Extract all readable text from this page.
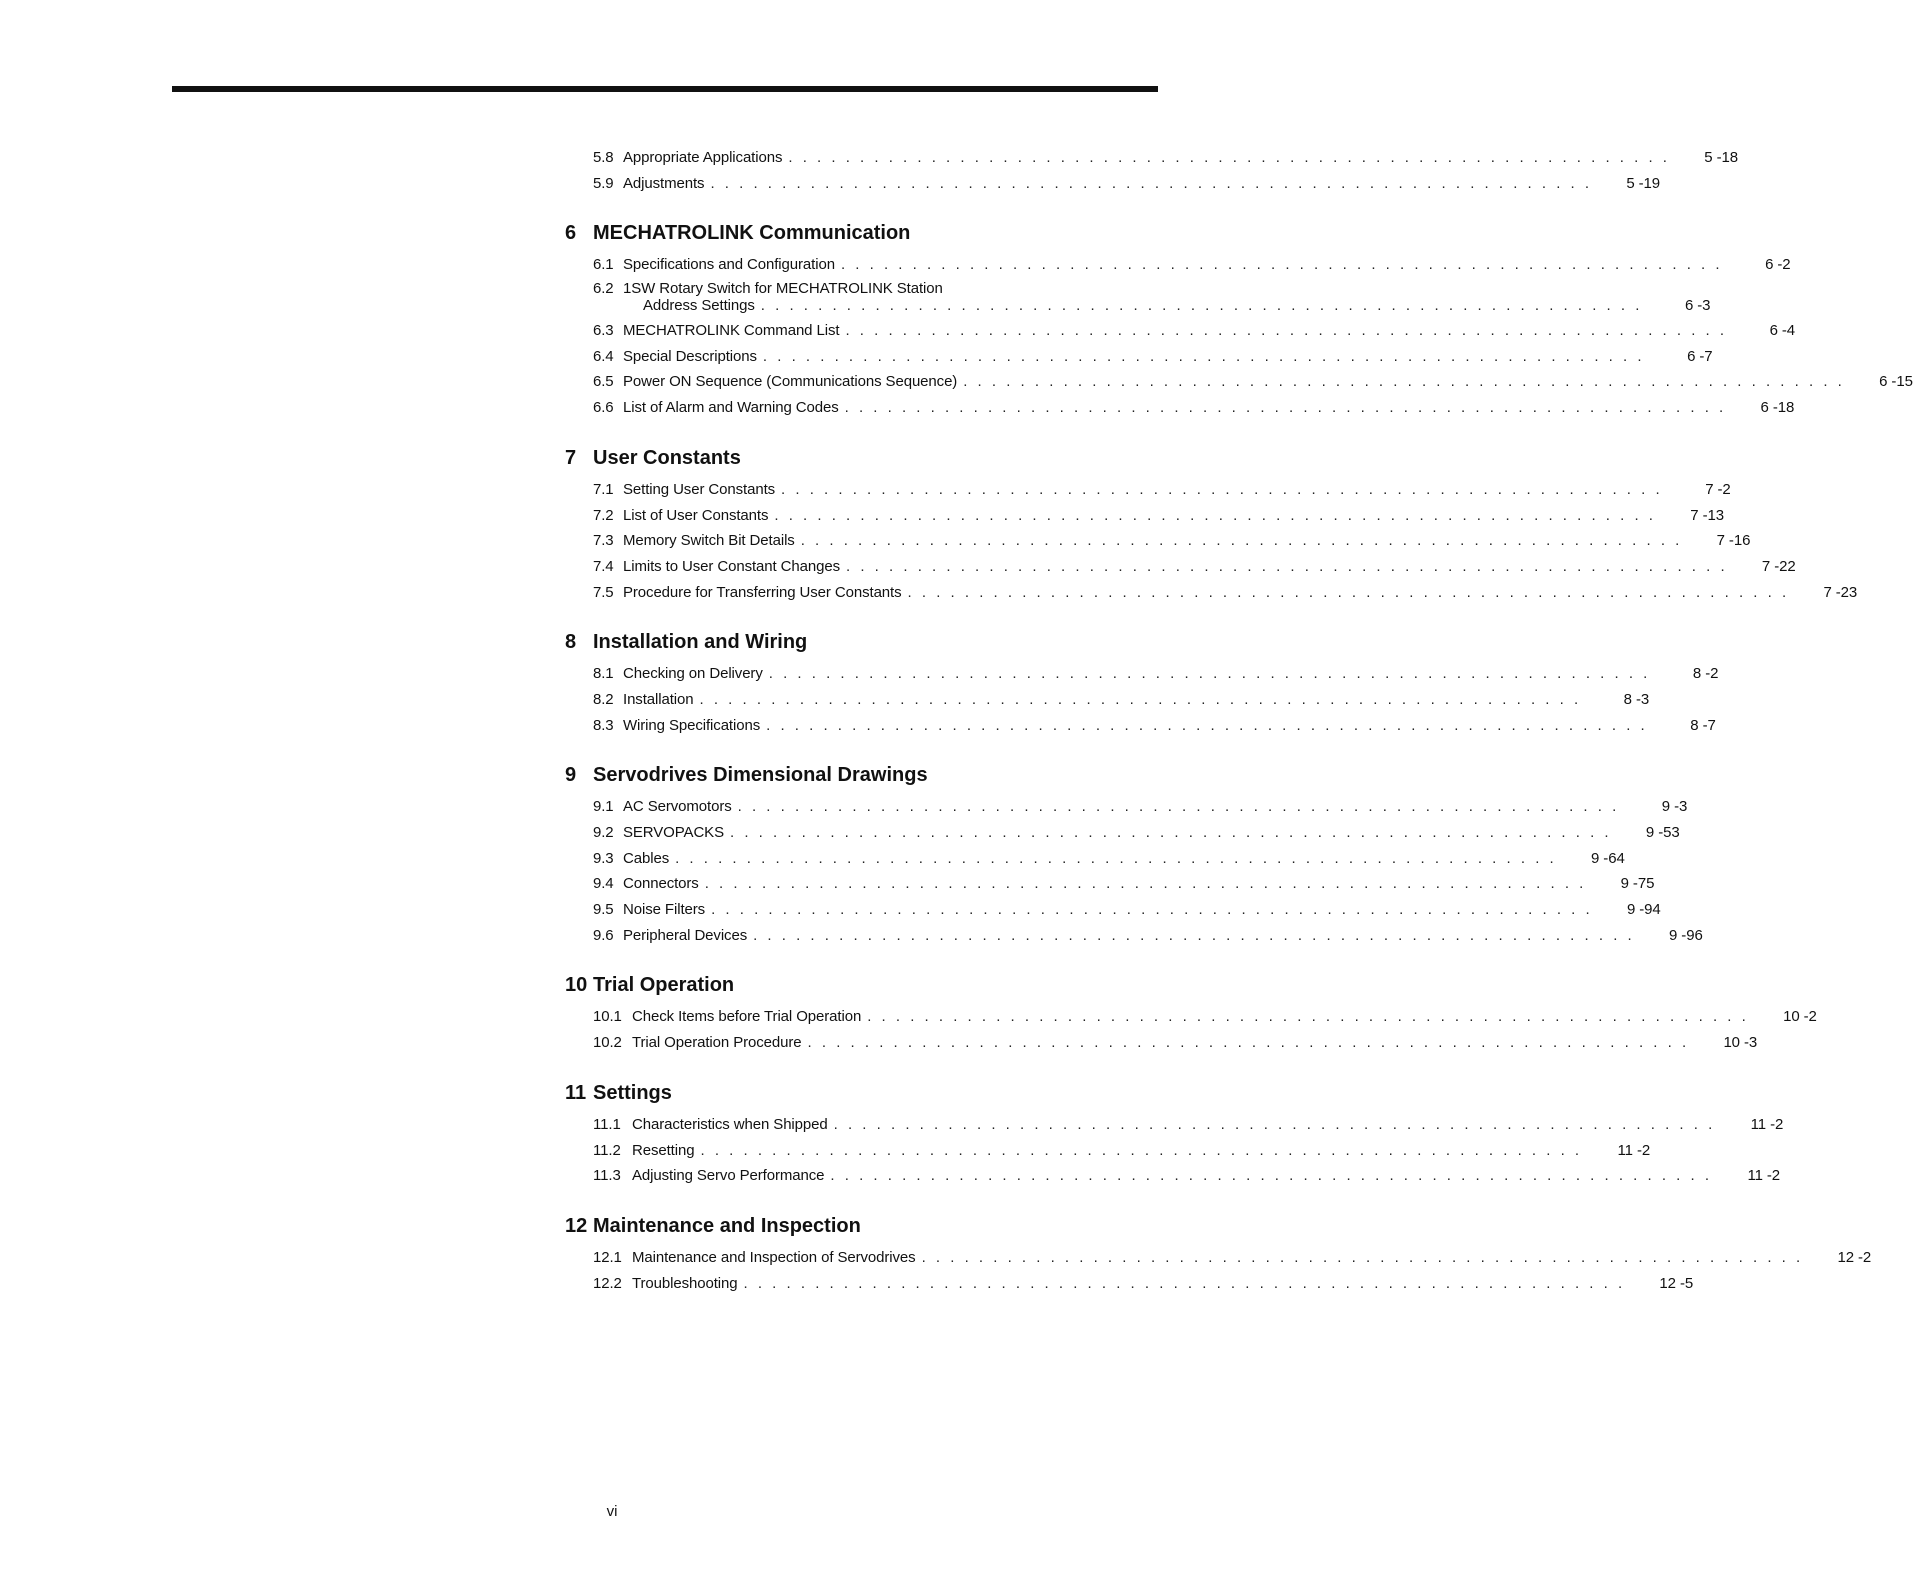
5.8 Appropriate Applications . . . . . . . . . . . . . . . . . . . . . . . . . . . . . . . . . . . . . . . . . . . . . . . . . . . . . . . . . . . . . .	5 -18
5.9 Adjustments . . . . . . . . . . . . . . . . . . . . . . . . . . . . . . . . . . . . . . . . . . . . . . . . . . . . . . . . . . . . . .	5 -19
6 MECHATROLINK Communication
6.1 Specifications and Configuration . . . . . . . . . . . . . . . . . . . . . . . . . . . . . . . . . . . . . . . . . . . . . . . . . . . . . . . . . . . . . .	6 -2
6.2 1SW Rotary Switch for MECHATROLINK Station
Address Settings . . . . . . . . . . . . . . . . . . . . . . . . . . . . . . . . . . . . . . . . . . . . . . . . . . . . . . . . . . . . . .	6 -3
6.3 MECHATROLINK Command List . . . . . . . . . . . . . . . . . . . . . . . . . . . . . . . . . . . . . . . . . . . . . . . . . . . . . . . . . . . . . .	6 -4
6.4 Special Descriptions . . . . . . . . . . . . . . . . . . . . . . . . . . . . . . . . . . . . . . . . . . . . . . . . . . . . . . . . . . . . . .	6 -7
6.5 Power ON Sequence (Communications Sequence) . . . . . . . . . . . . . . . . . . . . . . . . . . . . . . . . . . . . . . . . . . . . . . . . . . . . . . . . . . . . . .	6 -15
6.6 List of Alarm and Warning Codes . . . . . . . . . . . . . . . . . . . . . . . . . . . . . . . . . . . . . . . . . . . . . . . . . . . . . . . . . . . . . .	6 -18
7 User Constants
7.1 Setting User Constants . . . . . . . . . . . . . . . . . . . . . . . . . . . . . . . . . . . . . . . . . . . . . . . . . . . . . . . . . . . . . .	7 -2
7.2 List of User Constants . . . . . . . . . . . . . . . . . . . . . . . . . . . . . . . . . . . . . . . . . . . . . . . . . . . . . . . . . . . . . .	7 -13
7.3 Memory Switch Bit Details . . . . . . . . . . . . . . . . . . . . . . . . . . . . . . . . . . . . . . . . . . . . . . . . . . . . . . . . . . . . . .	7 -16
7.4 Limits to User Constant Changes . . . . . . . . . . . . . . . . . . . . . . . . . . . . . . . . . . . . . . . . . . . . . . . . . . . . . . . . . . . . . .	7 -22
7.5 Procedure for Transferring User Constants . . . . . . . . . . . . . . . . . . . . . . . . . . . . . . . . . . . . . . . . . . . . . . . . . . . . . . . . . . . . . .	7 -23
8 Installation and Wiring
8.1 Checking on Delivery . . . . . . . . . . . . . . . . . . . . . . . . . . . . . . . . . . . . . . . . . . . . . . . . . . . . . . . . . . . . . .	8 -2
8.2 Installation . . . . . . . . . . . . . . . . . . . . . . . . . . . . . . . . . . . . . . . . . . . . . . . . . . . . . . . . . . . . . .	8 -3
8.3 Wiring Specifications . . . . . . . . . . . . . . . . . . . . . . . . . . . . . . . . . . . . . . . . . . . . . . . . . . . . . . . . . . . . . .	8 -7
9 Servodrives Dimensional Drawings
9.1 AC Servomotors . . . . . . . . . . . . . . . . . . . . . . . . . . . . . . . . . . . . . . . . . . . . . . . . . . . . . . . . . . . . . .	9 -3
9.2 SERVOPACKS . . . . . . . . . . . . . . . . . . . . . . . . . . . . . . . . . . . . . . . . . . . . . . . . . . . . . . . . . . . . . .	9 -53
9.3 Cables . . . . . . . . . . . . . . . . . . . . . . . . . . . . . . . . . . . . . . . . . . . . . . . . . . . . . . . . . . . . . .	9 -64
9.4 Connectors . . . . . . . . . . . . . . . . . . . . . . . . . . . . . . . . . . . . . . . . . . . . . . . . . . . . . . . . . . . . . .	9 -75
9.5 Noise Filters . . . . . . . . . . . . . . . . . . . . . . . . . . . . . . . . . . . . . . . . . . . . . . . . . . . . . . . . . . . . . .	9 -94
9.6 Peripheral Devices . . . . . . . . . . . . . . . . . . . . . . . . . . . . . . . . . . . . . . . . . . . . . . . . . . . . . . . . . . . . . .	9 -96
10 Trial Operation
10.1 Check Items before Trial Operation . . . . . . . . . . . . . . . . . . . . . . . . . . . . . . . . . . . . . . . . . . . . . . . . . . . . . . . . . . . . . .	10 -2
10.2 Trial Operation Procedure . . . . . . . . . . . . . . . . . . . . . . . . . . . . . . . . . . . . . . . . . . . . . . . . . . . . . . . . . . . . . .	10 -3
11 Settings
11.1 Characteristics when Shipped . . . . . . . . . . . . . . . . . . . . . . . . . . . . . . . . . . . . . . . . . . . . . . . . . . . . . . . . . . . . . .	11 -2
11.2 Resetting . . . . . . . . . . . . . . . . . . . . . . . . . . . . . . . . . . . . . . . . . . . . . . . . . . . . . . . . . . . . . .	11 -2
11.3 Adjusting Servo Performance . . . . . . . . . . . . . . . . . . . . . . . . . . . . . . . . . . . . . . . . . . . . . . . . . . . . . . . . . . . . . .	11 -2
12 Maintenance and Inspection
12.1 Maintenance and Inspection of Servodrives . . . . . . . . . . . . . . . . . . . . . . . . . . . . . . . . . . . . . . . . . . . . . . . . . . . . . . . . . . . . . .	12 -2
12.2 Troubleshooting . . . . . . . . . . . . . . . . . . . . . . . . . . . . . . . . . . . . . . . . . . . . . . . . . . . . . . . . . . . . . .	12 -5
vi
